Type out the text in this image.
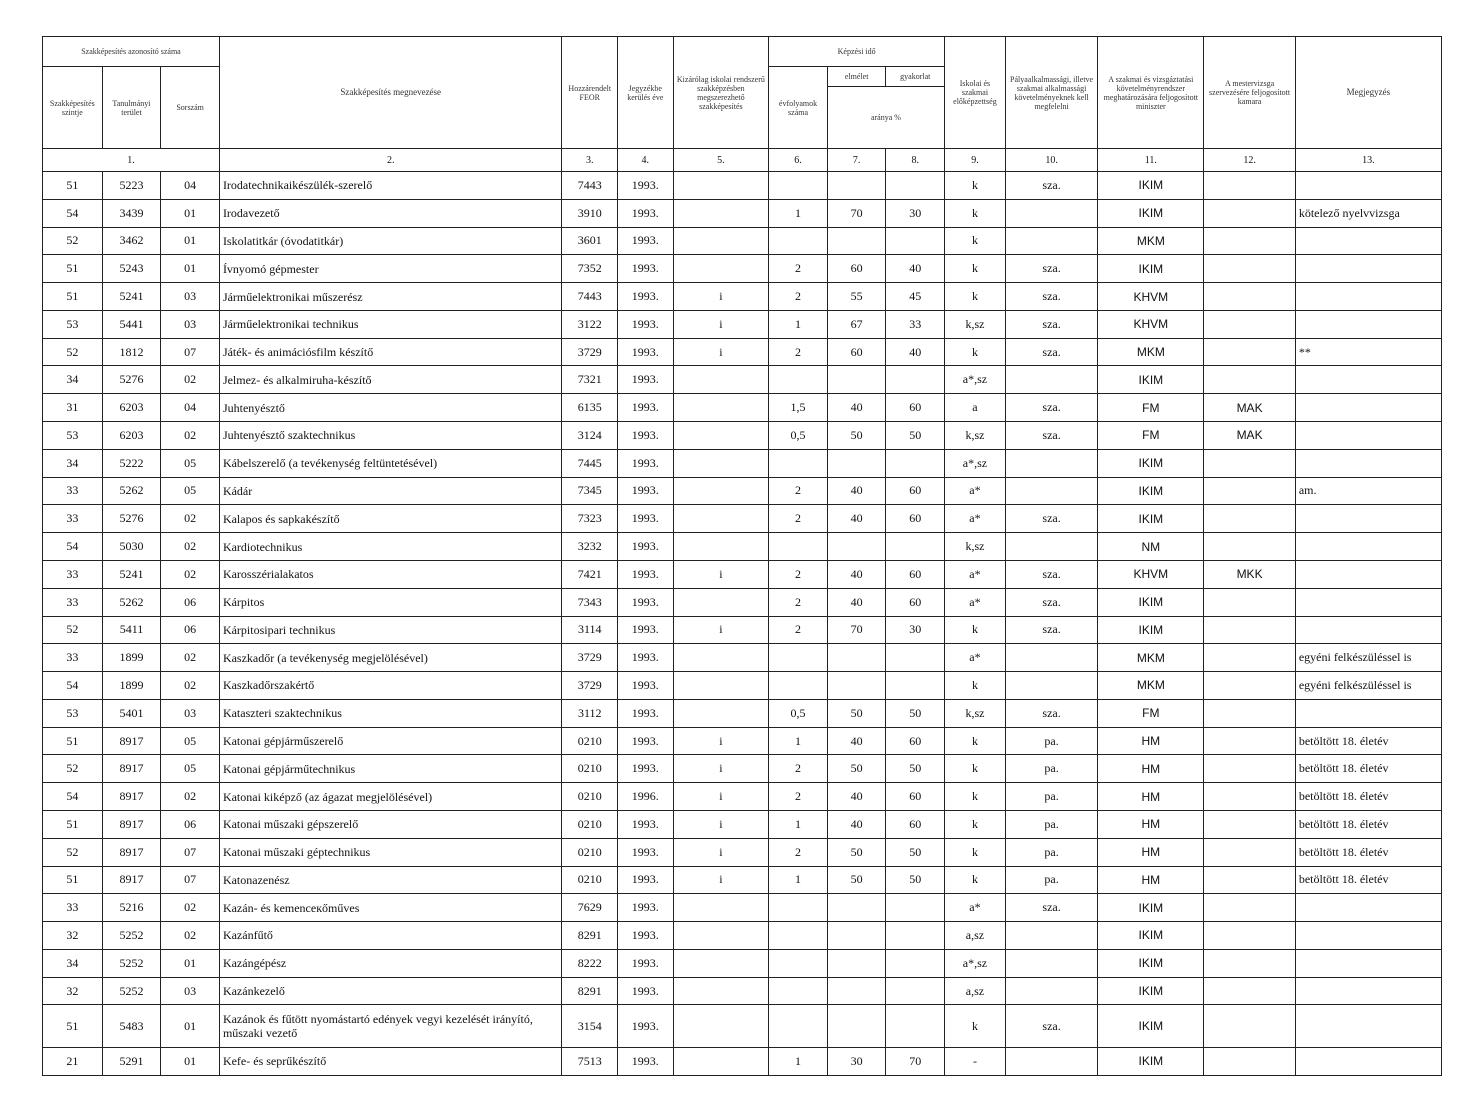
Szakképesítés azonosító száma			Szakképesítés megnevezése	Hozzárendelt FEOR	Jegyzékbe kerülés éve	Kizárólag iskolai rendszerű szakképzésben megszerezhető szakképesítés	Képzési idő			Iskolai és szakmai előképzettség	Pályaalkalmassági, illetve szakmai alkalmassági követelményeknek kell megfelelni	A szakmai és vizsgáztatási követelményrendszer meghatározására feljogosított miniszter	A mestervizsga szervezésére feljogosított kamara	Megjegyzés
Szakképesítés szintje	Tanulmányi terület	Sorszám					évfolyamok száma	elmélet	gyakorlat					
								aránya %						
1.			2.	3.	4.	5.	6.	7.	8.	9.	10.	11.	12.	13.
51	5223	04	Irodatechnikaikészülék-szerelő	7443	1993.					k	sza.	IKIM		
54	3439	01	Irodavezető	3910	1993.		1	70	30	k		IKIM		kötelező nyelvvizsga
52	3462	01	Iskolatitkár (óvodatitkár)	3601	1993.					k		MKM		
51	5243	01	Ívnyomó gépmester	7352	1993.		2	60	40	k	sza.	IKIM		
51	5241	03	Járműelektronikai műszerész	7443	1993.	i	2	55	45	k	sza.	KHVM		
53	5441	03	Járműelektronikai technikus	3122	1993.	i	1	67	33	k,sz	sza.	KHVM		
52	1812	07	Játék- és animációsfilm készítő	3729	1993.	i	2	60	40	k	sza.	MKM		**
34	5276	02	Jelmez- és alkalmiruha-készítő	7321	1993.					a*,sz		IKIM		
31	6203	04	Juhtenyésztő	6135	1993.		1,5	40	60	a	sza.	FM	MAK	
53	6203	02	Juhtenyésztő szaktechnikus	3124	1993.		0,5	50	50	k,sz	sza.	FM	MAK	
34	5222	05	Kábelszerelő (a tevékenység feltüntetésével)	7445	1993.					a*,sz		IKIM		
33	5262	05	Kádár	7345	1993.		2	40	60	a*		IKIM		am.
33	5276	02	Kalapos és sapkakészítő	7323	1993.		2	40	60	a*	sza.	IKIM		
54	5030	02	Kardiotechnikus	3232	1993.					k,sz		NM		
33	5241	02	Karosszérialakatos	7421	1993.	i	2	40	60	a*	sza.	KHVM	MKK	
33	5262	06	Kárpitos	7343	1993.		2	40	60	a*	sza.	IKIM		
52	5411	06	Kárpitosipari technikus	3114	1993.	i	2	70	30	k	sza.	IKIM		
33	1899	02	Kaszkadőr (a tevékenység megjelölésével)	3729	1993.					a*		MKM		egyéni felkészüléssel is
54	1899	02	Kaszkadőrszakértő	3729	1993.					k		MKM		egyéni felkészüléssel is
53	5401	03	Kataszteri szaktechnikus	3112	1993.		0,5	50	50	k,sz	sza.	FM		
51	8917	05	Katonai gépjárműszerelő	0210	1993.	i	1	40	60	k	pa.	HM		betöltött 18. életév
52	8917	05	Katonai gépjárműtechnikus	0210	1993.	i	2	50	50	k	pa.	HM		betöltött 18. életév
54	8917	02	Katonai kiképző (az ágazat megjelölésével)	0210	1996.	i	2	40	60	k	pa.	HM		betöltött 18. életév
51	8917	06	Katonai műszaki gépszerelő	0210	1993.	i	1	40	60	k	pa.	HM		betöltött 18. életév
52	8917	07	Katonai műszaki géptechnikus	0210	1993.	i	2	50	50	k	pa.	HM		betöltött 18. életév
51	8917	07	Katonazenész	0210	1993.	i	1	50	50	k	pa.	HM		betöltött 18. életév
33	5216	02	Kazán- és kemenceкőműves	7629	1993.					a*	sza.	IKIM		
32	5252	02	Kazánfűtő	8291	1993.					a,sz		IKIM		
34	5252	01	Kazángépész	8222	1993.					a*,sz		IKIM		
32	5252	03	Kazánkezelő	8291	1993.					a,sz		IKIM		
51	5483	01	Kazánok és fűtött nyomástartó edények vegyi kezelését irányító, műszaki vezető	3154	1993.					k	sza.	IKIM		
21	5291	01	Kefe- és seprűkészítő	7513	1993.		1	30	70	-		IKIM		
